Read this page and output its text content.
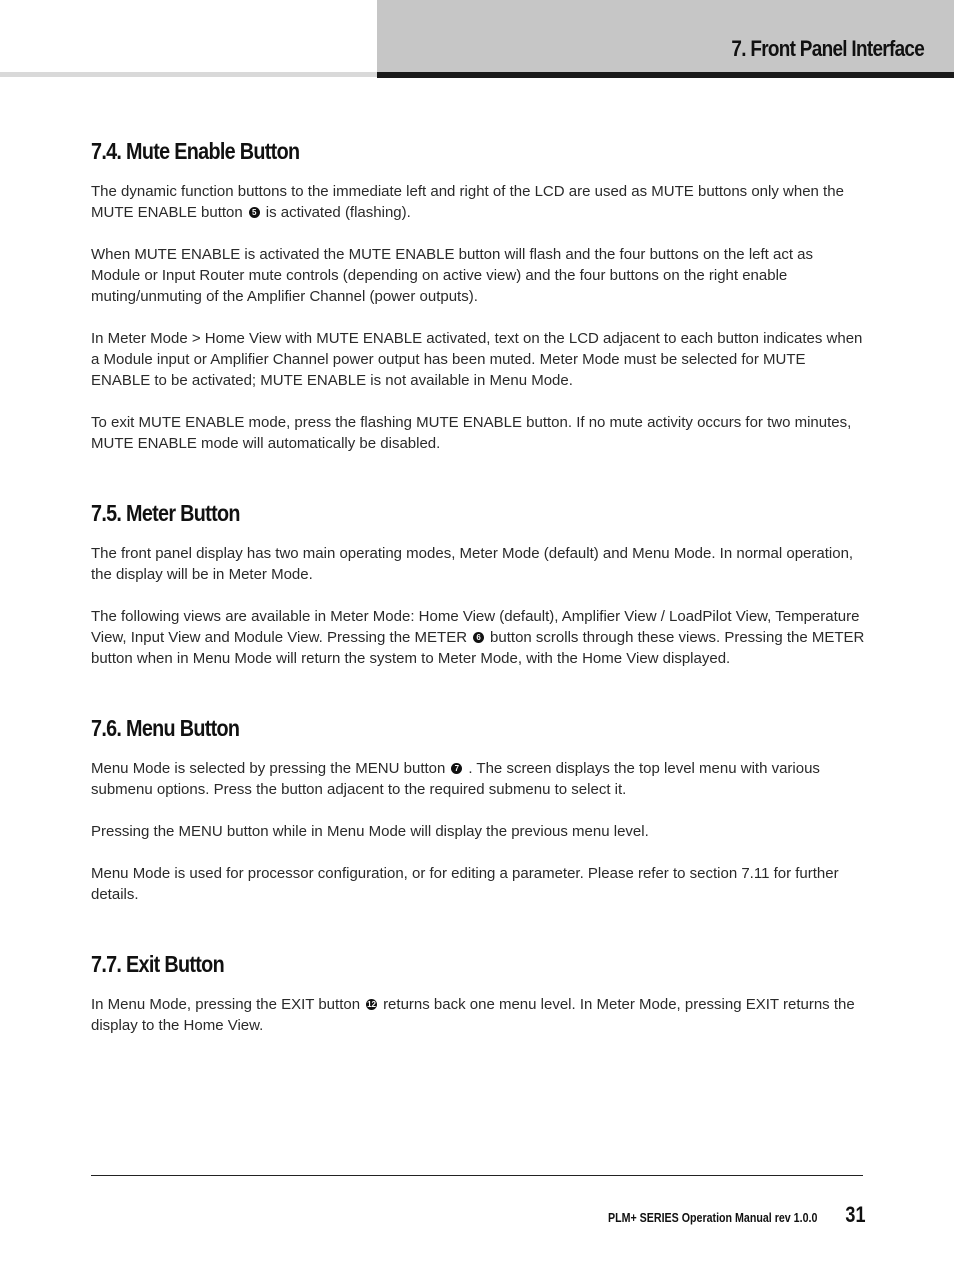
7. Front Panel Interface
7.4. Mute Enable Button

The dynamic function buttons to the immediate left and right of the LCD are used as MUTE buttons only when the MUTE ENABLE button 5 is activated (flashing).

When MUTE ENABLE is activated the MUTE ENABLE button will flash and the four buttons on the left act as Module or Input Router mute controls (depending on active view) and the four buttons on the right enable muting/unmuting of the Amplifier Channel (power outputs).

In Meter Mode > Home View with MUTE ENABLE activated, text on the LCD adjacent to each button indicates when a Module input or Amplifier Channel power output has been muted. Meter Mode must be selected for MUTE ENABLE to be activated; MUTE ENABLE is not available in Menu Mode.

To exit MUTE ENABLE mode, press the flashing MUTE ENABLE button. If no mute activity occurs for two minutes, MUTE ENABLE mode will automatically be disabled.

7.5. Meter Button

The front panel display has two main operating modes, Meter Mode (default) and Menu Mode. In normal operation, the display will be in Meter Mode.

The following views are available in Meter Mode: Home View (default), Amplifier View / LoadPilot View, Temperature View, Input View and Module View. Pressing the METER 6 button scrolls through these views. Pressing the METER button when in Menu Mode will return the system to Meter Mode, with the Home View displayed.

7.6. Menu Button

Menu Mode is selected by pressing the MENU button 7 . The screen displays the top level menu with various submenu options. Press the button adjacent to the required submenu to select it.

Pressing the MENU button while in Menu Mode will display the previous menu level.

Menu Mode is used for processor configuration, or for editing a parameter. Please refer to section 7.11 for further details.

7.7. Exit Button

In Menu Mode, pressing the EXIT button 12 returns back one menu level. In Meter Mode, pressing EXIT returns the display to the Home View.

PLM+ SERIES Operation Manual rev 1.0.0 31
